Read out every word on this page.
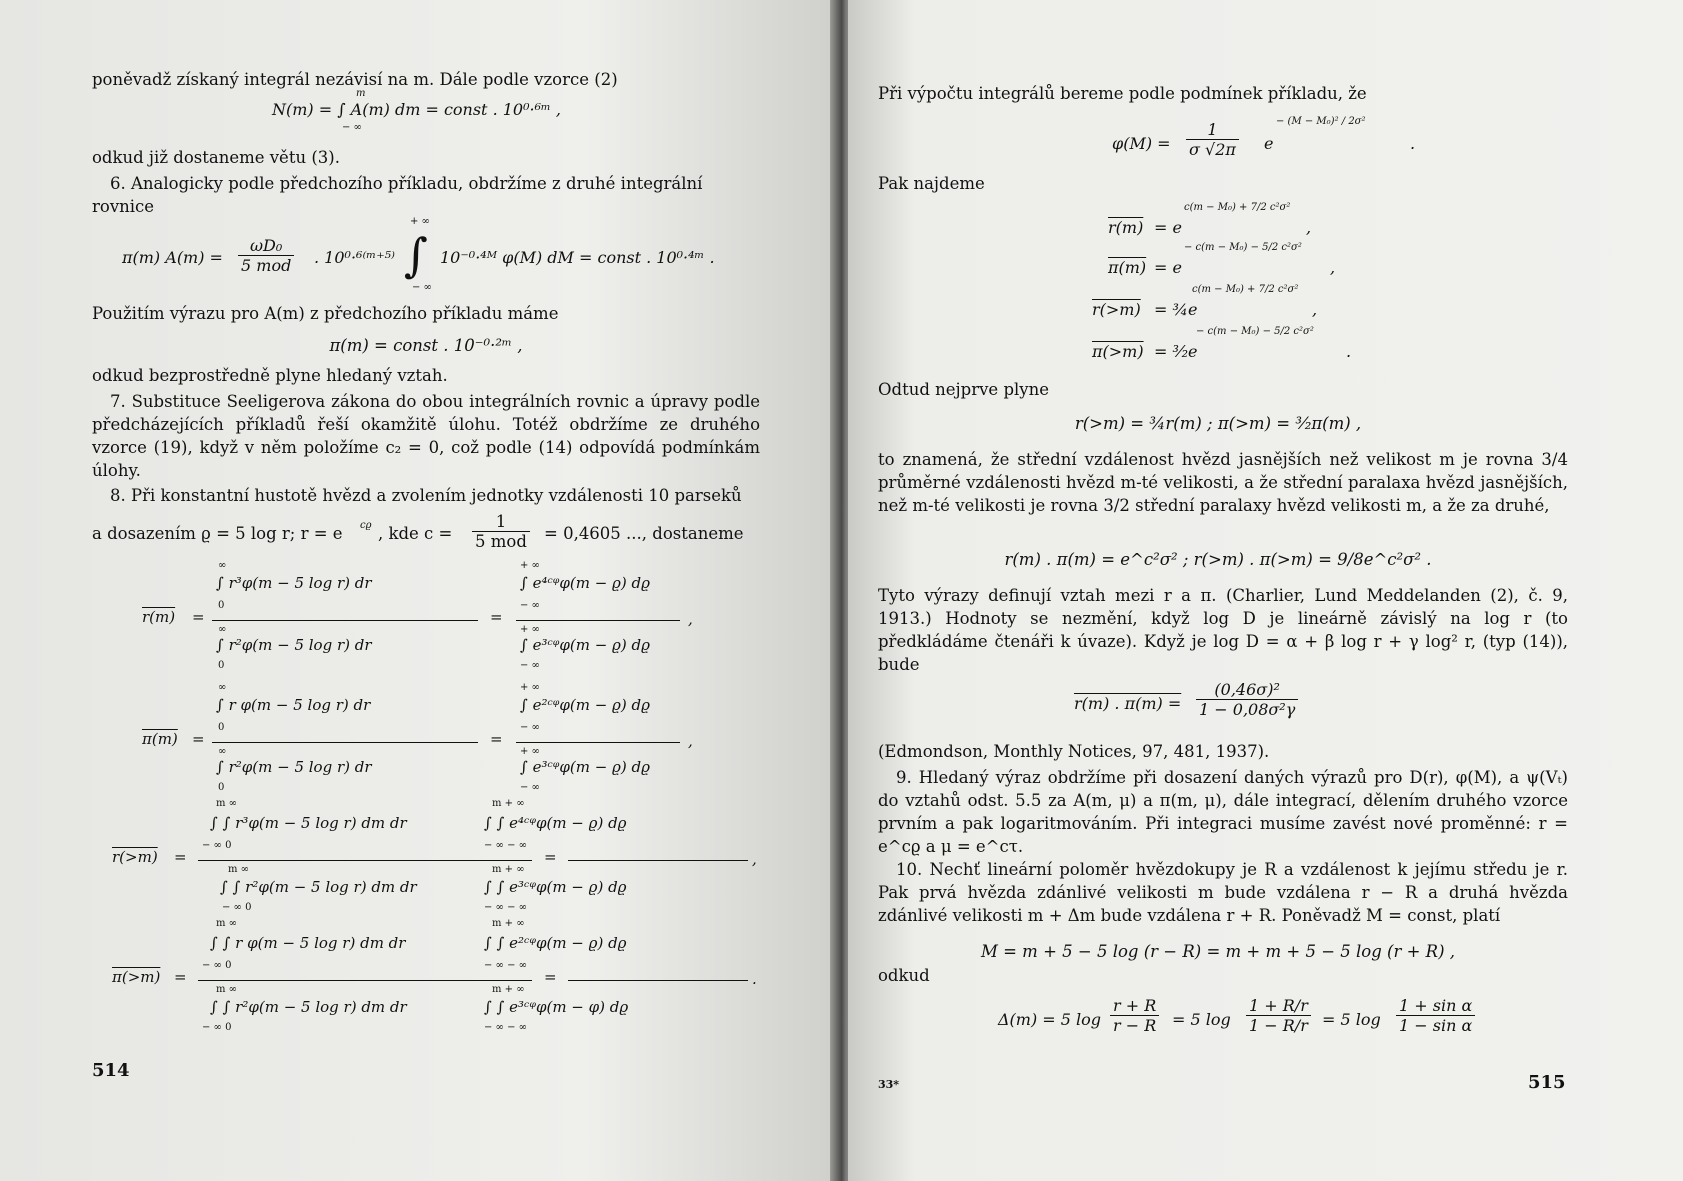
poněvadž získaný integrál nezávisí na m. Dále podle vzorce (2)

m
N(m) = ∫ A(m) dm = const . 10⁰·⁶ᵐ ,
− ∞

odkud již dostaneme větu (3).

6. Analogicky podle předchozího příkladu, obdržíme z druhé integrální rovnice

π(m) A(m) =
ωD₀
5 mod . 10⁰·⁶⁽ᵐ⁺⁵⁾
+ ∞
∫
− ∞
10⁻⁰·⁴ᴹ φ(M) dM = const . 10⁰·⁴ᵐ .

Použitím výrazu pro A(m) z předchozího příkladu máme

π(m) = const . 10⁻⁰·²ᵐ ,

odkud bezprostředně plyne hledaný vztah.

7. Substituce Seeligerova zákona do obou integrálních rovnic a úpravy podle předcházejících příkladů řeší okamžitě úlohu. Totéž obdržíme ze druhého vzorce (19), když v něm položíme c₂ = 0, což podle (14) odpovídá podmínkám úlohy.

8. Při konstantní hustotě hvězd a zvolením jednotky vzdálenosti 10 parseků

a dosazením ϱ = 5 log r; r = e cϱ , kde c =
1
5 mod = 0,4605 ..., dostaneme
r(m) =
∞
∫ r³φ(m − 5 log r) dr
0
∞
∫ r²φ(m − 5 log r) dr
0
=
+ ∞
∫ e⁴ᶜᵠφ(m − ϱ) dϱ
− ∞
+ ∞
∫ e³ᶜᵠφ(m − ϱ) dϱ
− ∞
,
π(m) =
∞
∫ r φ(m − 5 log r) dr
0
∞
∫ r²φ(m − 5 log r) dr
0
=
+ ∞
∫ e²ᶜᵠφ(m − ϱ) dϱ
− ∞
+ ∞
∫ e³ᶜᵠφ(m − ϱ) dϱ
− ∞
,
r(>m) =
m ∞
∫ ∫ r³φ(m − 5 log r) dm dr
− ∞ 0
m ∞
∫ ∫ r²φ(m − 5 log r) dm dr
− ∞ 0
=
m + ∞
∫ ∫ e⁴ᶜᵠφ(m − ϱ) dϱ
− ∞ − ∞
m + ∞
∫ ∫ e³ᶜᵠφ(m − ϱ) dϱ
− ∞ − ∞
,
π(>m) =
m ∞
∫ ∫ r φ(m − 5 log r) dm dr
− ∞ 0
m ∞
∫ ∫ r²φ(m − 5 log r) dm dr
− ∞ 0
=
m + ∞
∫ ∫ e²ᶜᵠφ(m − ϱ) dϱ
− ∞ − ∞
m + ∞
∫ ∫ e³ᶜᵠφ(m − φ) dϱ
− ∞ − ∞
.
514

Při výpočtu integrálů bereme podle podmínek příkladu, že

$\varphi(M) = \frac{1}{\sigma √2\pi}$ e
− (M − M₀)² / 2σ²
.

Pak najdeme

r(m) = e
c(m − M₀) + 7/2 c²σ²
,
π(m) = e
− c(m − M₀) − 5/2 c²σ²
,
r(>m) = ¾e
c(m − M₀) + 7/2 c²σ²
,
π(>m) = ³⁄₂e
− c(m − M₀) − 5/2 c²σ²
.

Odtud nejprve plyne

r(>m) = ¾r(m) ; π(>m) = ³⁄₂π(m) ,

to znamená, že střední vzdálenost hvězd jasnějších než velikost m je rovna 3/4 průměrné vzdálenosti hvězd m-té velikosti, a že střední paralaxa hvězd jasnějších, než m-té velikosti je rovna 3/2 střední paralaxy hvězd velikosti m, a že za druhé,

r(m) . π(m) = e^c²σ² ; r(>m) . π(>m) = 9/8e^c²σ² .

Tyto výrazy definují vztah mezi r a π. (Charlier, Lund Meddelanden (2), č. 9, 1913.) Hodnoty se nezmění, když log D je lineárně závislý na log r (to předkládáme čtenáři k úvaze). Když je log D = α + β log r + γ log² r, (typ (14)), bude

r(m) . $\pi(m) = \frac{\text{(0,46σ)²}}{\text{1 − 0,08σ²γ}}$

(Edmondson, Monthly Notices, 97, 481, 1937).

9. Hledaný výraz obdržíme při dosazení daných výrazů pro D(r), φ(M), a ψ(Vₜ) do vztahů odst. 5.5 za A(m, μ) a π(m, μ), dále integrací, dělením druhého vzorce prvním a pak logaritmováním. Při integraci musíme zavést nové proměnné: r = e^cϱ a μ = e^cτ.

10. Nechť lineární poloměr hvězdokupy je R a vzdálenost k jejímu středu je r. Pak prvá hvězda zdánlivé velikosti m bude vzdálena r − R a druhá hvězda zdánlivé velikosti m + Δm bude vzdálena r + R. Poněvadž M = const, platí

M = m + 5 − 5 log (r − R) = m + m + 5 − 5 log (r + R) ,

odkud

Δ(m) = 5 $\log \frac{r + R}{r - R} = 5$ $\log \frac{1 + R/r}{1 - R/r} = 5$ $\log \frac{\text{1 + sin α}}{\text{1 − sin α}}$
33*	515
